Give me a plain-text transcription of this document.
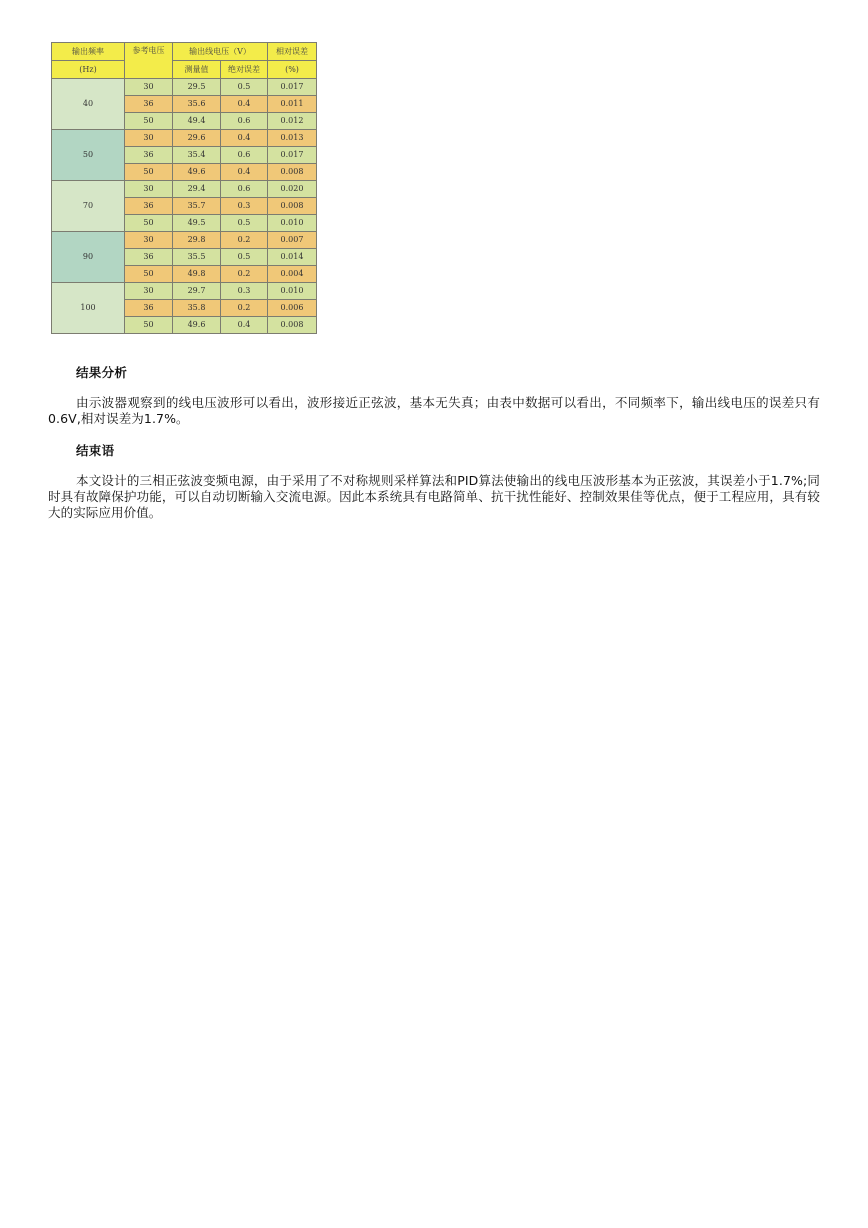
输出频率	参考电压	输出线电压（V）		相对误差
(Hz)		测量值	绝对误差	(%)
40	30	29.5	0.5	0.017
	36	35.6	0.4	0.011
	50	49.4	0.6	0.012
50	30	29.6	0.4	0.013
	36	35.4	0.6	0.017
	50	49.6	0.4	0.008
70	30	29.4	0.6	0.020
	36	35.7	0.3	0.008
	50	49.5	0.5	0.010
90	30	29.8	0.2	0.007
	36	35.5	0.5	0.014
	50	49.8	0.2	0.004
100	30	29.7	0.3	0.010
	36	35.8	0.2	0.006
	50	49.6	0.4	0.008
结果分析

由示波器观察到的线电压波形可以看出，波形接近正弦波，基本无失真；由表中数据可以看出，不同频率下，输出线电压的误差只有0.6V,相对误差为1.7%。

结束语

本文设计的三相正弦波变频电源，由于采用了不对称规则采样算法和PID算法使输出的线电压波形基本为正弦波，其误差小于1.7%;同时具有故障保护功能，可以自动切断输入交流电源。因此本系统具有电路简单、抗干扰性能好、控制效果佳等优点，便于工程应用，具有较大的实际应用价值。
